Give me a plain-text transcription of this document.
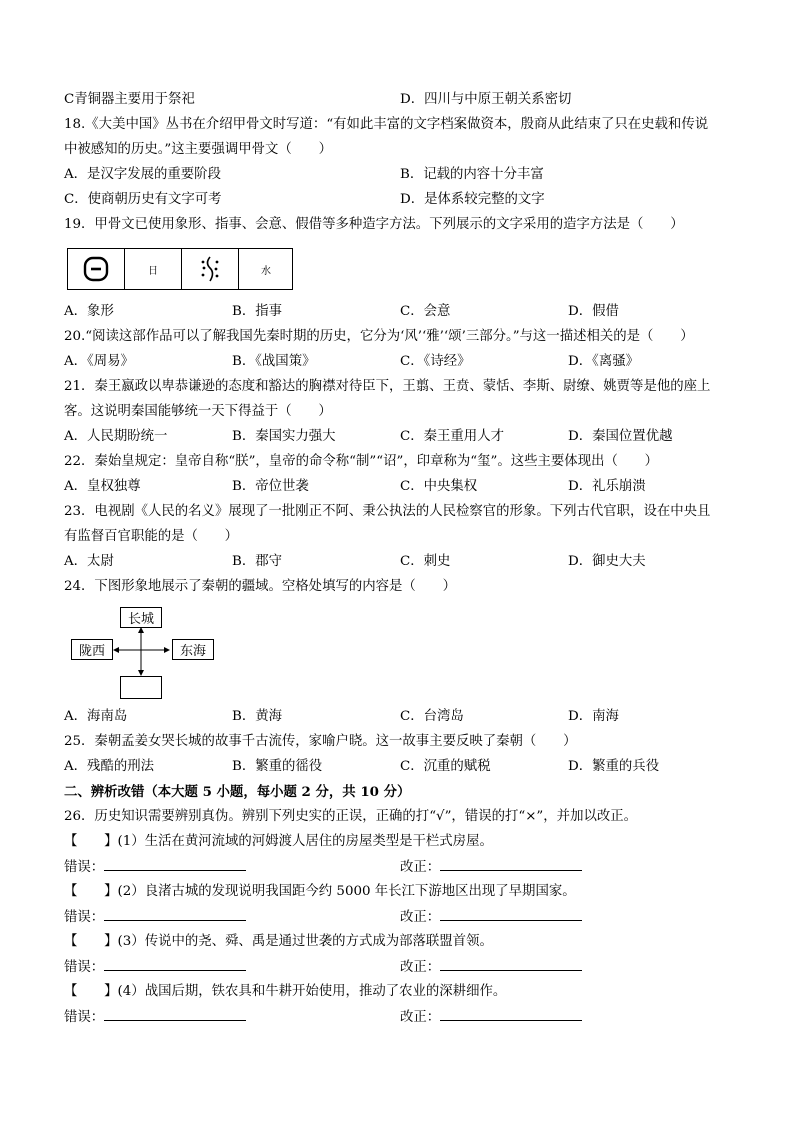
C青铜器主要用于祭祀	D．四川与中原王朝关系密切
18.《大美中国》丛书在介绍甲骨文时写道：“有如此丰富的文字档案做资本，殷商从此结束了只在史载和传说
中被感知的历史。”这主要强调甲骨文（　　）
A．是汉字发展的重要阶段	B．记载的内容十分丰富
C．使商朝历史有文字可考	D．是体系较完整的文字
19．甲骨文已使用象形、指事、会意、假借等多种造字方法。下列展示的文字采用的造字方法是（　　）
日	水
A．象形	B．指事	C．会意	D．假借
20.“阅读这部作品可以了解我国先秦时期的历史，它分为‘风’‘雅’‘颂’三部分。”与这一描述相关的是（　　）
A．《周易》	B．《战国策》	C．《诗经》	D．《离骚》
21．秦王嬴政以卑恭谦逊的态度和豁达的胸襟对待臣下，王翦、王贲、蒙恬、李斯、尉缭、姚贾等是他的座上
客。这说明秦国能够统一天下得益于（　　）
A．人民期盼统一	B．秦国实力强大	C．秦王重用人才	D．秦国位置优越
22．秦始皇规定：皇帝自称“朕”，皇帝的命令称“制”“诏”，印章称为“玺”。这些主要体现出（　　）
A．皇权独尊	B．帝位世袭	C．中央集权	D．礼乐崩溃
23．电视剧《人民的名义》展现了一批刚正不阿、秉公执法的人民检察官的形象。下列古代官职，设在中央且
有监督百官职能的是（　　）
A．太尉	B．郡守	C．刺史	D．御史大夫
24．下图形象地展示了秦朝的疆域。空格处填写的内容是（　　）
长城
陇西	东海
A．海南岛	B．黄海	C．台湾岛	D．南海
25．秦朝孟姜女哭长城的故事千古流传，家喻户晓。这一故事主要反映了秦朝（　　）
A．残酷的刑法	B．繁重的徭役	C．沉重的赋税	D．繁重的兵役
二、辨析改错（本大题 5 小题，每小题 2 分，共 10 分）
26．历史知识需要辨别真伪。辨别下列史实的正误，正确的打“√”，错误的打“×”，并加以改正。
【　　】(1）生活在黄河流域的河姆渡人居住的房屋类型是干栏式房屋。
错误：	改正：
【　　】(2）良渚古城的发现说明我国距今约 5000 年长江下游地区出现了早期国家。
错误：	改正：
【　　】(3）传说中的尧、舜、禹是通过世袭的方式成为部落联盟首领。
错误：	改正：
【　　】(4）战国后期，铁农具和牛耕开始使用，推动了农业的深耕细作。
错误：	改正：
